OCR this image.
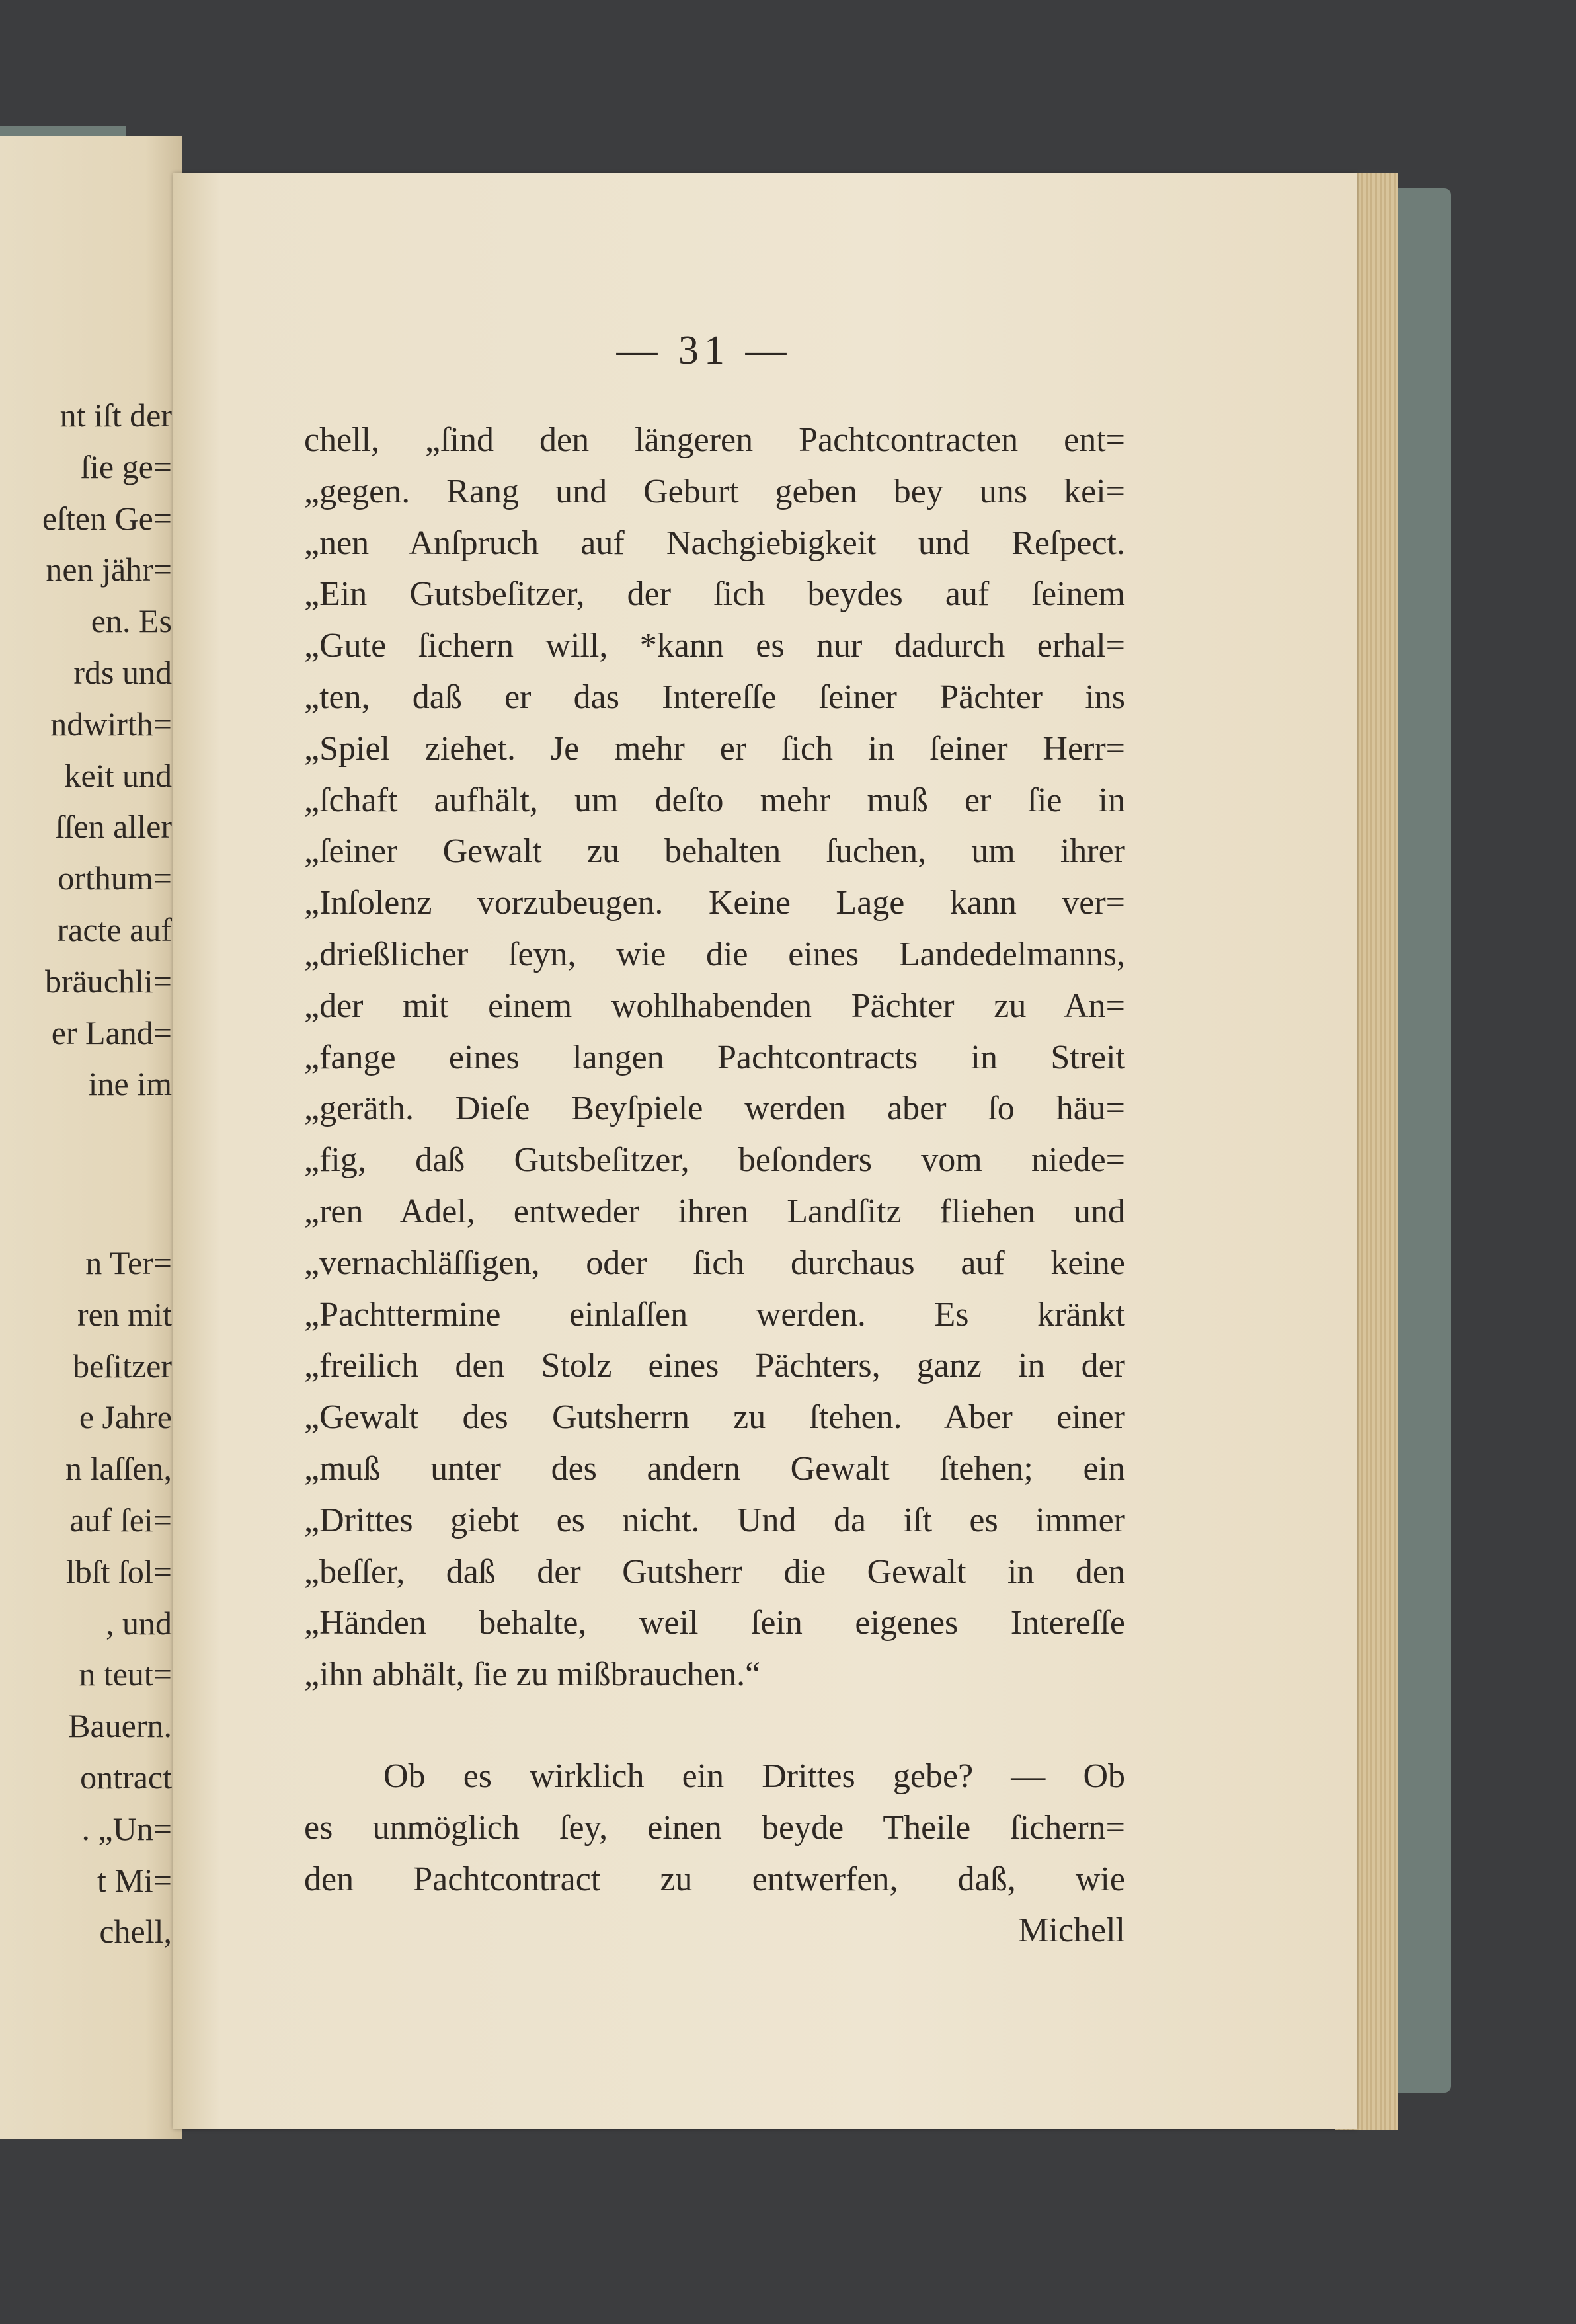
nt iſt der
ſie ge=
eſten Ge=
nen jähr=
en. Es
rds und
ndwirth=
keit und
ſſen aller
orthum=
racte auf
bräuchli=
er Land=
ine im
n Ter=
ren mit
beſitzer
e Jahre
n laſſen,
auf ſei=
lbſt ſol=
, und
n teut=
Bauern.
ontract
. „Un=
t Mi=
chell,
— 31 —
chell, „ſind den längeren Pachtcontracten ent=
„gegen. Rang und Geburt geben bey uns kei=
„nen Anſpruch auf Nachgiebigkeit und Reſpect.
„Ein Gutsbeſitzer, der ſich beydes auf ſeinem
„Gute ſichern will, *kann es nur dadurch erhal=
„ten, daß er das Intereſſe ſeiner Pächter ins
„Spiel ziehet. Je mehr er ſich in ſeiner Herr=
„ſchaft aufhält, um deſto mehr muß er ſie in
„ſeiner Gewalt zu behalten ſuchen, um ihrer
„Inſolenz vorzubeugen. Keine Lage kann ver=
„drießlicher ſeyn, wie die eines Landedelmanns,
„der mit einem wohlhabenden Pächter zu An=
„fange eines langen Pachtcontracts in Streit
„geräth. Dieſe Beyſpiele werden aber ſo häu=
„fig, daß Gutsbeſitzer, beſonders vom niede=
„ren Adel, entweder ihren Landſitz fliehen und
„vernachläſſigen, oder ſich durchaus auf keine
„Pachttermine einlaſſen werden. Es kränkt
„freilich den Stolz eines Pächters, ganz in der
„Gewalt des Gutsherrn zu ſtehen. Aber einer
„muß unter des andern Gewalt ſtehen; ein
„Drittes giebt es nicht. Und da iſt es immer
„beſſer, daß der Gutsherr die Gewalt in den
„Händen behalte, weil ſein eigenes Intereſſe
„ihn abhält, ſie zu mißbrauchen.“
Ob es wirklich ein Drittes gebe? — Ob
es unmöglich ſey, einen beyde Theile ſichern=
den Pachtcontract zu entwerfen, daß, wie
Michell
